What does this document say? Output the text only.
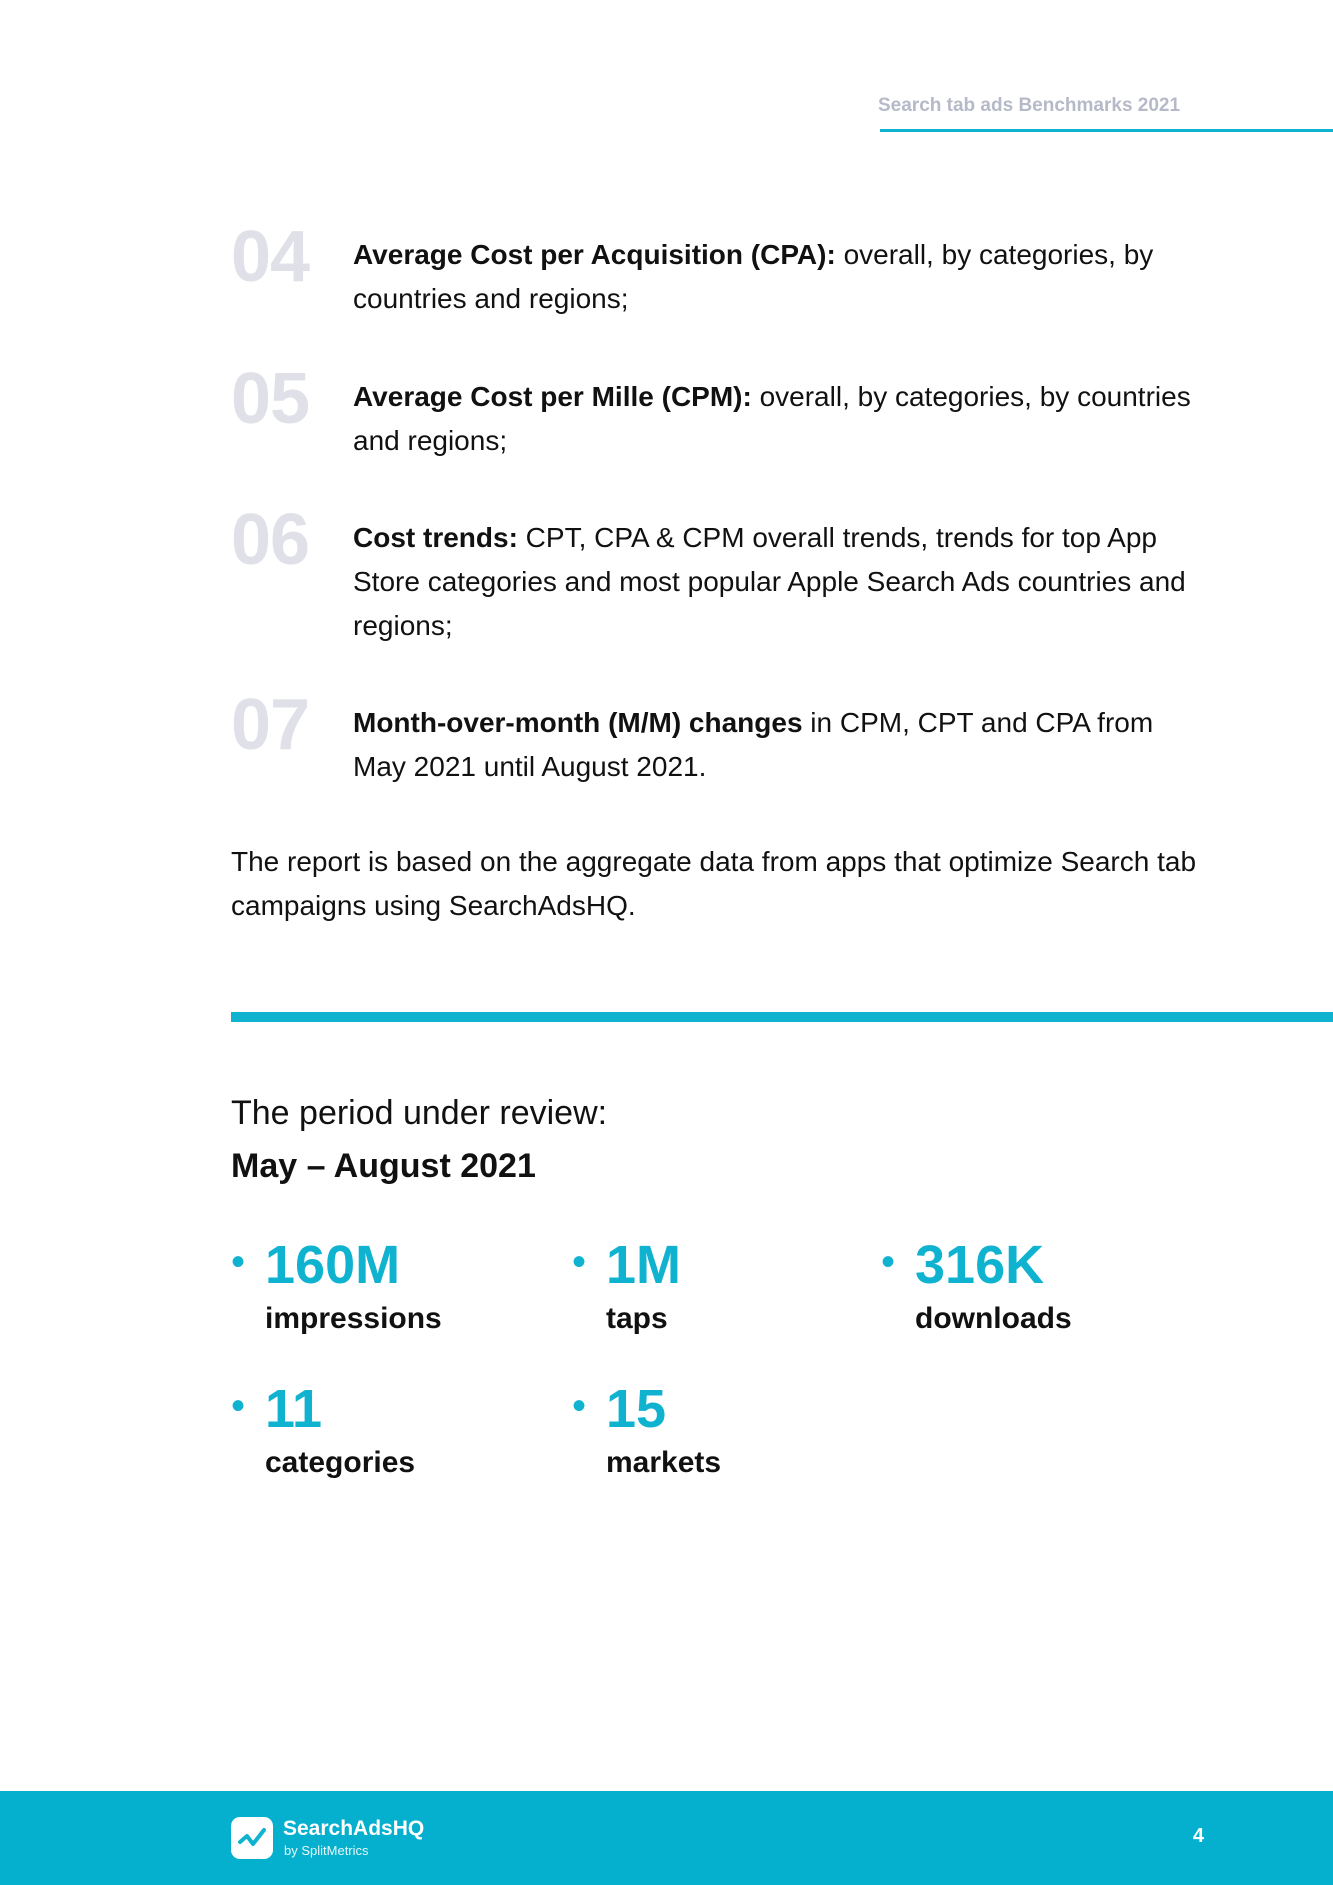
Search tab ads Benchmarks 2021
04 Average Cost per Acquisition (CPA): overall, by categories, by countries and regions;
05 Average Cost per Mille (CPM): overall, by categories, by countries and regions;
06 Cost trends: CPT, CPA & CPM overall trends, trends for top App Store categories and most popular Apple Search Ads countries and regions;
07 Month-over-month (M/M) changes in CPM, CPT and CPA from May 2021 until August 2021.
The report is based on the aggregate data from apps that optimize Search tab campaigns using SearchAdsHQ.
The period under review:
May – August 2021
• 160M
impressions
• 1M
taps
• 316K
downloads
• 11
categories
• 15
markets
SearchAdsHQ
by SplitMetrics
4
